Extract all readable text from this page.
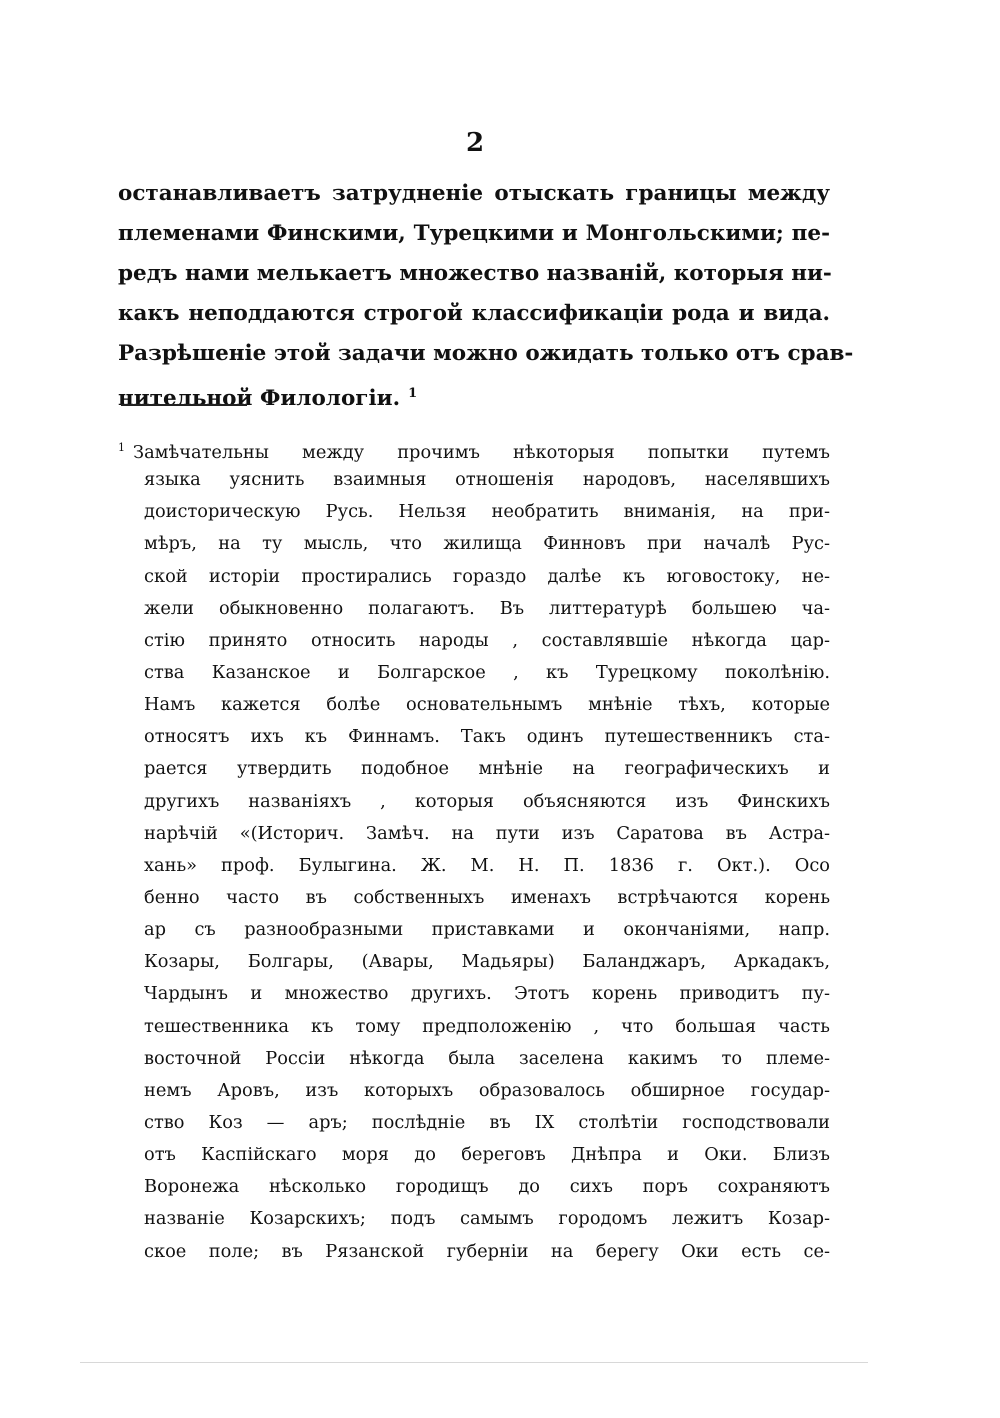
2
останавливаетъ затрудненіе отыскать границы между
племенами Финскими, Турецкими и Монгольскими; пе-
редъ нами мелькаетъ множество названій, которыя ни-
какъ неподдаются строгой классификаціи рода и вида.
Разрѣшеніе этой задачи можно ожидать только отъ срав-
нительной Филологіи. $^1$
$^1$ Замѣчательны между прочимъ нѣкоторыя попытки путемъ
языка уяснить взаимныя отношенія народовъ, населявшихъ
доисторическую Русь. Нельзя необратить вниманія, на при-
мѣръ, на ту мысль, что жилища Финновъ при началѣ Рус-
ской исторіи простирались гораздо далѣе къ юговостоку, не-
жели обыкновенно полагаютъ. Въ литтературѣ большею ча-
стію принято относить народы , составлявшіе нѣкогда цар-
ства Казанское и Болгарское , къ Турецкому поколѣнію.
Намъ кажется болѣе основательнымъ мнѣніе тѣхъ, которые
относятъ ихъ къ Финнамъ. Такъ одинъ путешественникъ ста-
рается утвердить подобное мнѣніе на географическихъ и
другихъ названіяхъ , которыя объясняются изъ Финскихъ
нарѣчій «(Историч. Замѣч. на пути изъ Саратова въ Астра-
хань» проф. Булыгина. Ж. М. Н. П. 1836 г. Окт.). Осо
бенно часто въ собственныхъ именахъ встрѣчаются корень
ар съ разнообразными приставками и окончаніями, напр.
Козары, Болгары, (Авары, Мадьяры) Баланджаръ, Аркадакъ,
Чардынъ и множество другихъ. Этотъ корень приводитъ пу-
тешественника къ тому предположенію , что большая часть
восточной Россіи нѣкогда была заселена какимъ то племе-
немъ Аровъ, изъ которыхъ образовалось обширное государ-
ство Коз — аръ; послѣдніе въ IX столѣтіи господствовали
отъ Каспійскаго моря до береговъ Днѣпра и Оки. Близъ
Воронежа нѣсколько городищъ до сихъ поръ сохраняютъ
названіе Козарскихъ; подъ самымъ городомъ лежитъ Козар-
ское поле; въ Рязанской губерніи на берегу Оки есть се-
